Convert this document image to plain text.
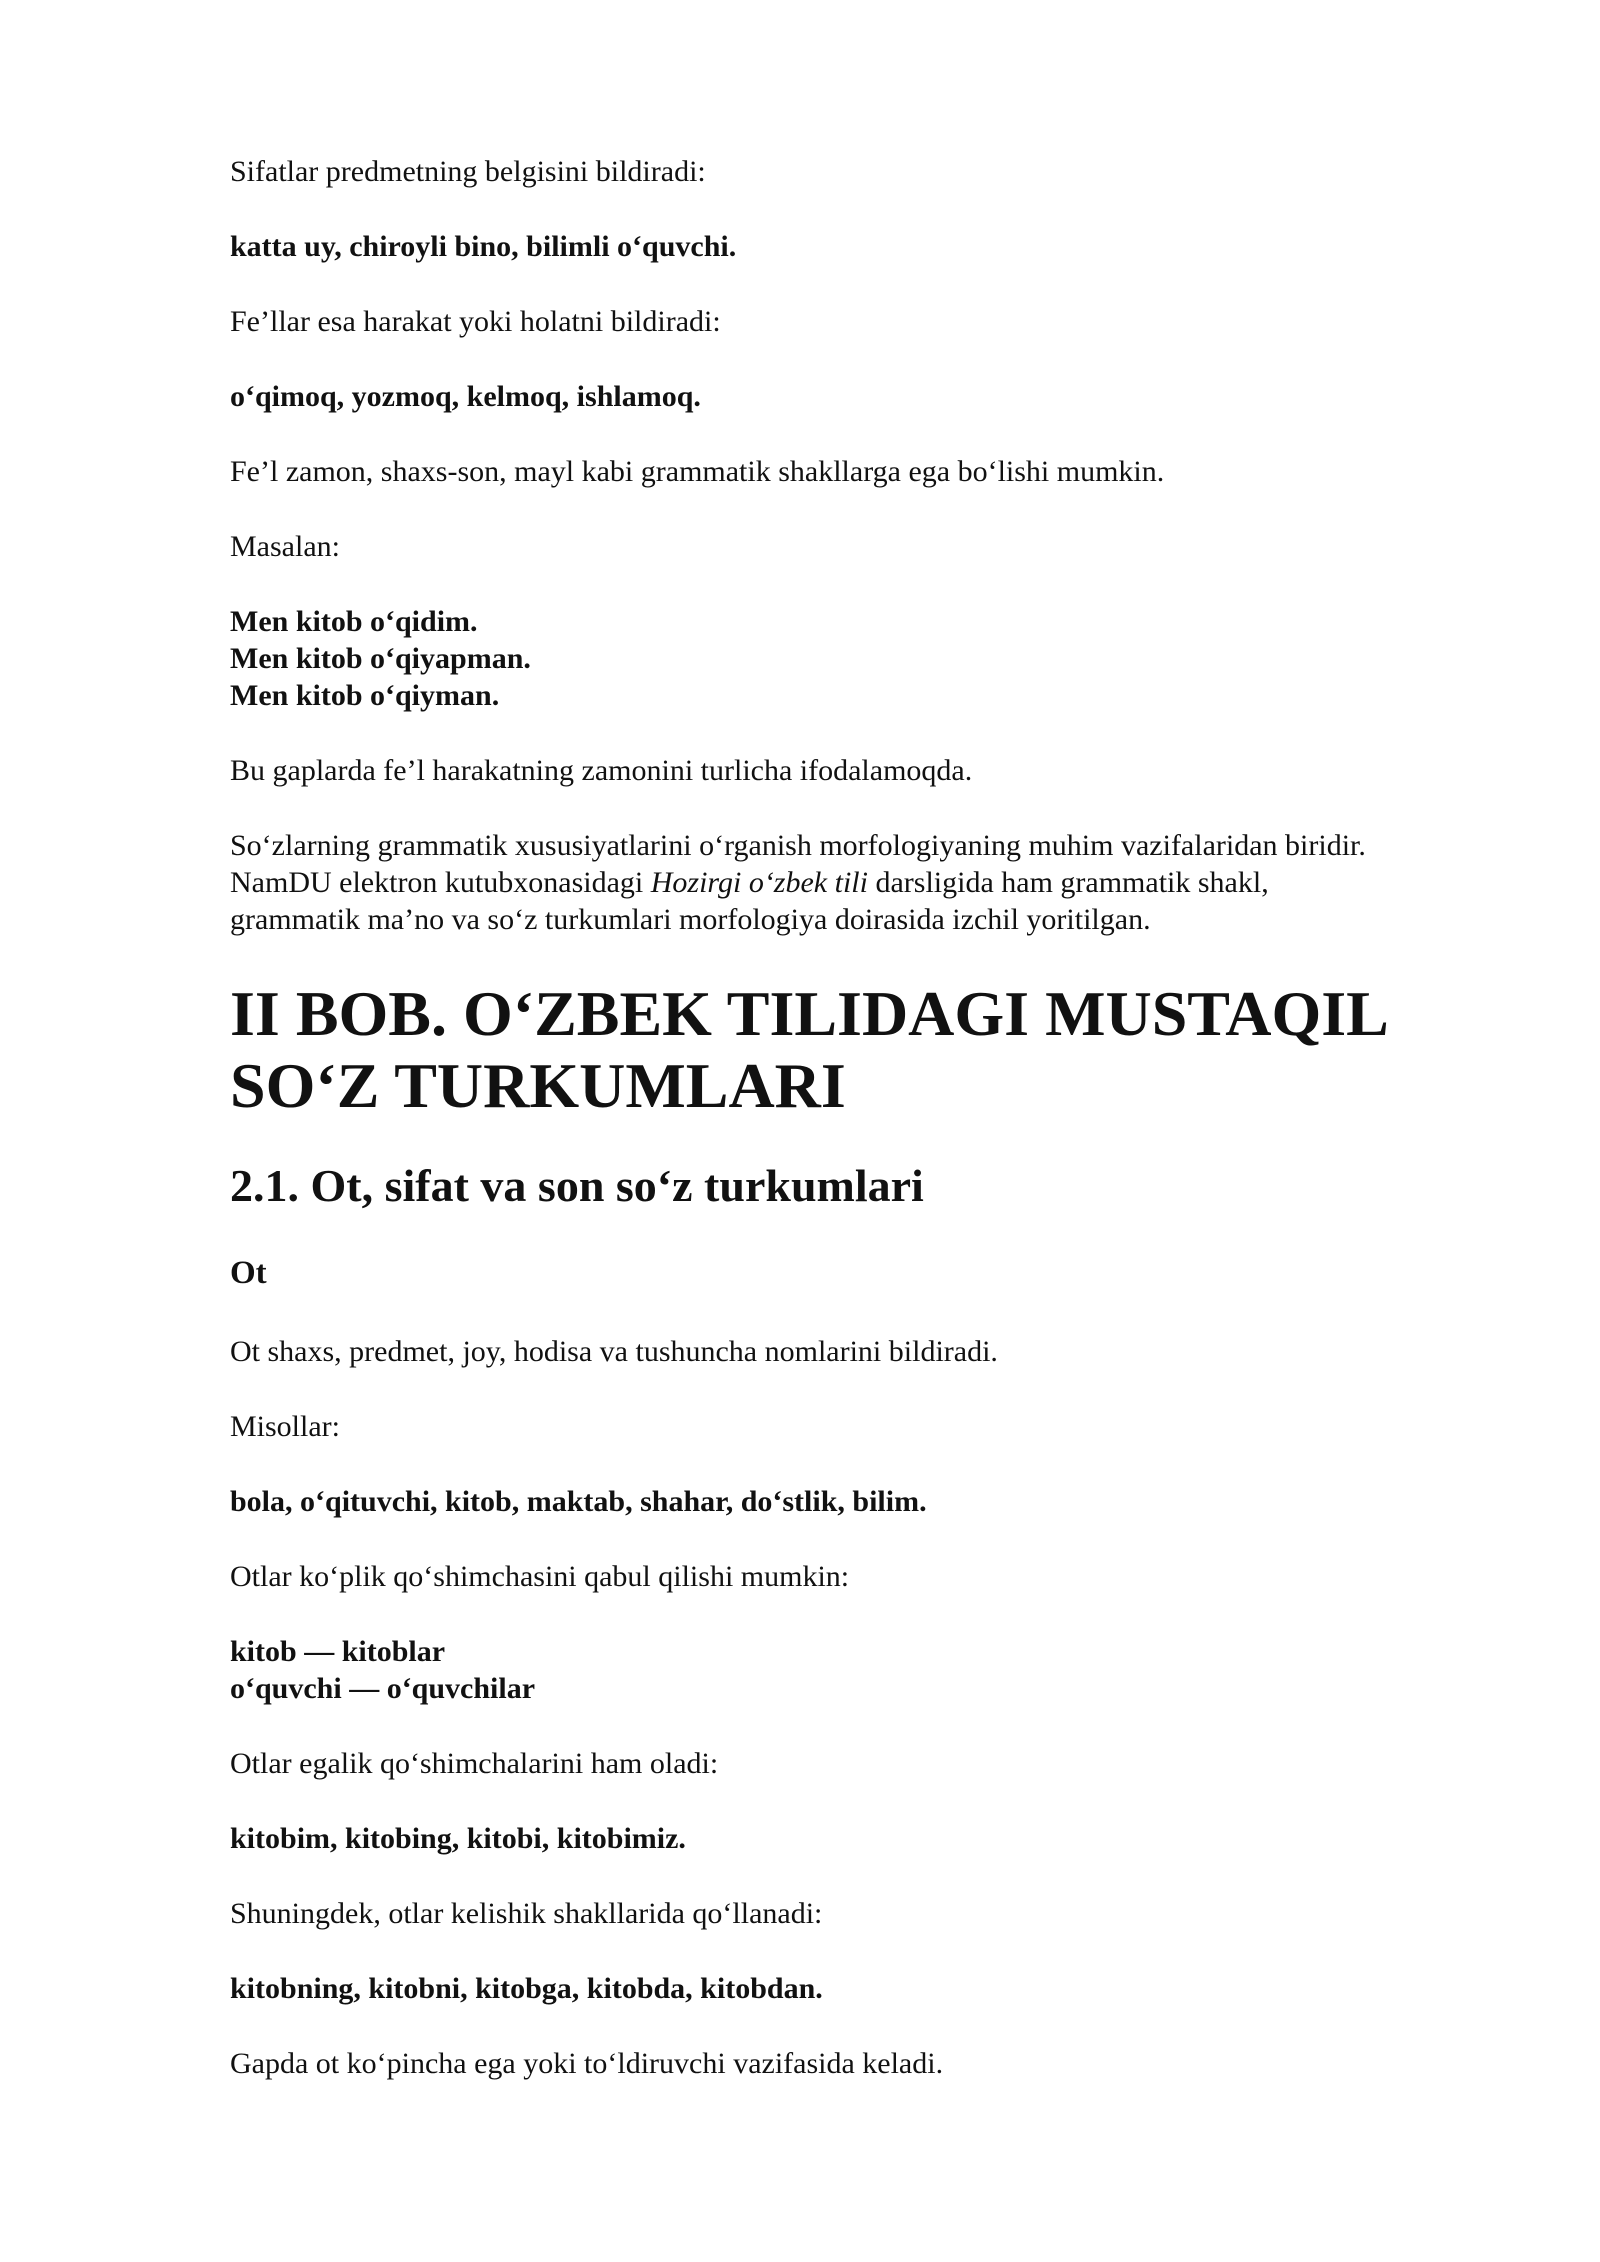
Sifatlar predmetning belgisini bildiradi:

katta uy, chiroyli bino, bilimli o‘quvchi.

Fe’llar esa harakat yoki holatni bildiradi:

o‘qimoq, yozmoq, kelmoq, ishlamoq.

Fe’l zamon, shaxs-son, mayl kabi grammatik shakllarga ega bo‘lishi mumkin.

Masalan:

Men kitob o‘qidim.

Men kitob o‘qiyapman.

Men kitob o‘qiyman.

Bu gaplarda fe’l harakatning zamonini turlicha ifodalamoqda.

So‘zlarning grammatik xususiyatlarini o‘rganish morfologiyaning muhim vazifalaridan biridir.

NamDU elektron kutubxonasidagi Hozirgi o‘zbek tili darsligida ham grammatik shakl,

grammatik ma’no va so‘z turkumlari morfologiya doirasida izchil yoritilgan.

II BOB. O‘ZBEK TILIDAGI MUSTAQIL
SO‘Z TURKUMLARI
2.1. Ot, sifat va son so‘z turkumlari
Ot

Ot shaxs, predmet, joy, hodisa va tushuncha nomlarini bildiradi.

Misollar:

bola, o‘qituvchi, kitob, maktab, shahar, do‘stlik, bilim.

Otlar ko‘plik qo‘shimchasini qabul qilishi mumkin:

kitob — kitoblar

o‘quvchi — o‘quvchilar

Otlar egalik qo‘shimchalarini ham oladi:

kitobim, kitobing, kitobi, kitobimiz.

Shuningdek, otlar kelishik shakllarida qo‘llanadi:

kitobning, kitobni, kitobga, kitobda, kitobdan.

Gapda ot ko‘pincha ega yoki to‘ldiruvchi vazifasida keladi.
